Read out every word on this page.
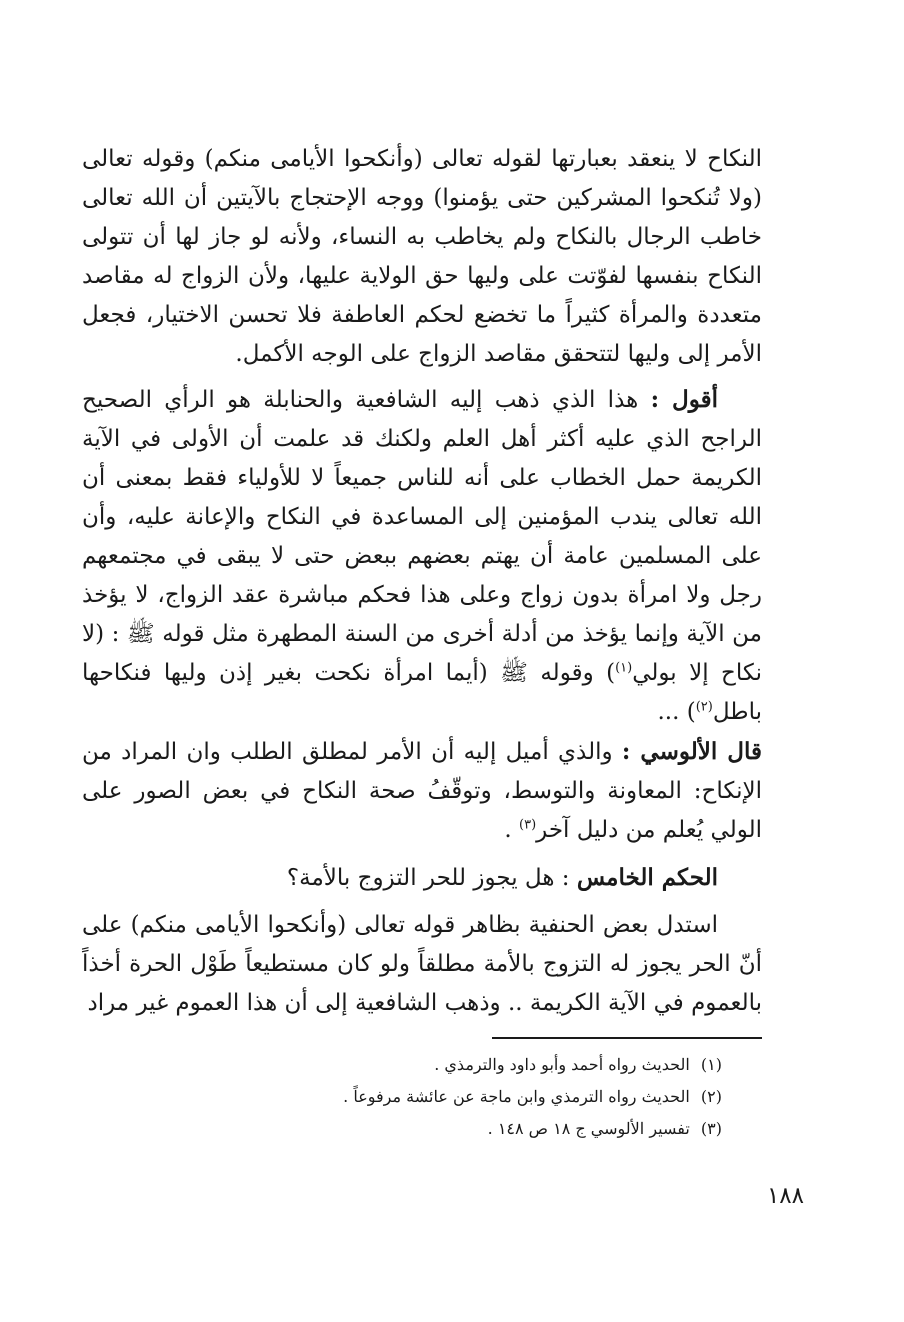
النكاح لا ينعقد بعبارتها لقوله تعالى (وأنكحوا الأيامى منكم) وقوله تعالى (ولا تُنكحوا المشركين حتى يؤمنوا) ووجه الإحتجاج بالآيتين أن الله تعالى خاطب الرجال بالنكاح ولم يخاطب به النساء، ولأنه لو جاز لها أن تتولى النكاح بنفسها لفوّتت على وليها حق الولاية عليها، ولأن الزواج له مقاصد متعددة والمرأة كثيراً ما تخضع لحكم العاطفة فلا تحسن الاختيار، فجعل الأمر إلى وليها لتتحقق مقاصد الزواج على الوجه الأكمل.

أقول : هذا الذي ذهب إليه الشافعية والحنابلة هو الرأي الصحيح الراجح الذي عليه أكثر أهل العلم ولكنك قد علمت أن الأولى في الآية الكريمة حمل الخطاب على أنه للناس جميعاً لا للأولياء فقط بمعنى أن الله تعالى يندب المؤمنين إلى المساعدة في النكاح والإعانة عليه، وأن على المسلمين عامة أن يهتم بعضهم ببعض حتى لا يبقى في مجتمعهم رجل ولا امرأة بدون زواج وعلى هذا فحكم مباشرة عقد الزواج، لا يؤخذ من الآية وإنما يؤخذ من أدلة أخرى من السنة المطهرة مثل قوله ﷺ : (لا نكاح إلا بولي$^{(١)}$) وقوله ﷺ (أيما امرأة نكحت بغير إذن وليها فنكاحها باطل$^{(٢)}$) ...
قال الألوسي : والذي أميل إليه أن الأمر لمطلق الطلب وان المراد من الإنكاح: المعاونة والتوسط، وتوقّفُ صحة النكاح في بعض الصور على الولي يُعلم من دليل آخر$^{(٣)}$ .

الحكم الخامس : هل يجوز للحر التزوج بالأمة؟

استدل بعض الحنفية بظاهر قوله تعالى (وأنكحوا الأيامى منكم) على أنّ الحر يجوز له التزوج بالأمة مطلقاً ولو كان مستطيعاً طَوْل الحرة أخذاً بالعموم في الآية الكريمة .. وذهب الشافعية إلى أن هذا العموم غير مراد

(١) الحديث رواه أحمد وأبو داود والترمذي .
(٢) الحديث رواه الترمذي وابن ماجة عن عائشة مرفوعاً .
(٣) تفسير الألوسي ج ١٨ ص ١٤٨ .
١٨٨
